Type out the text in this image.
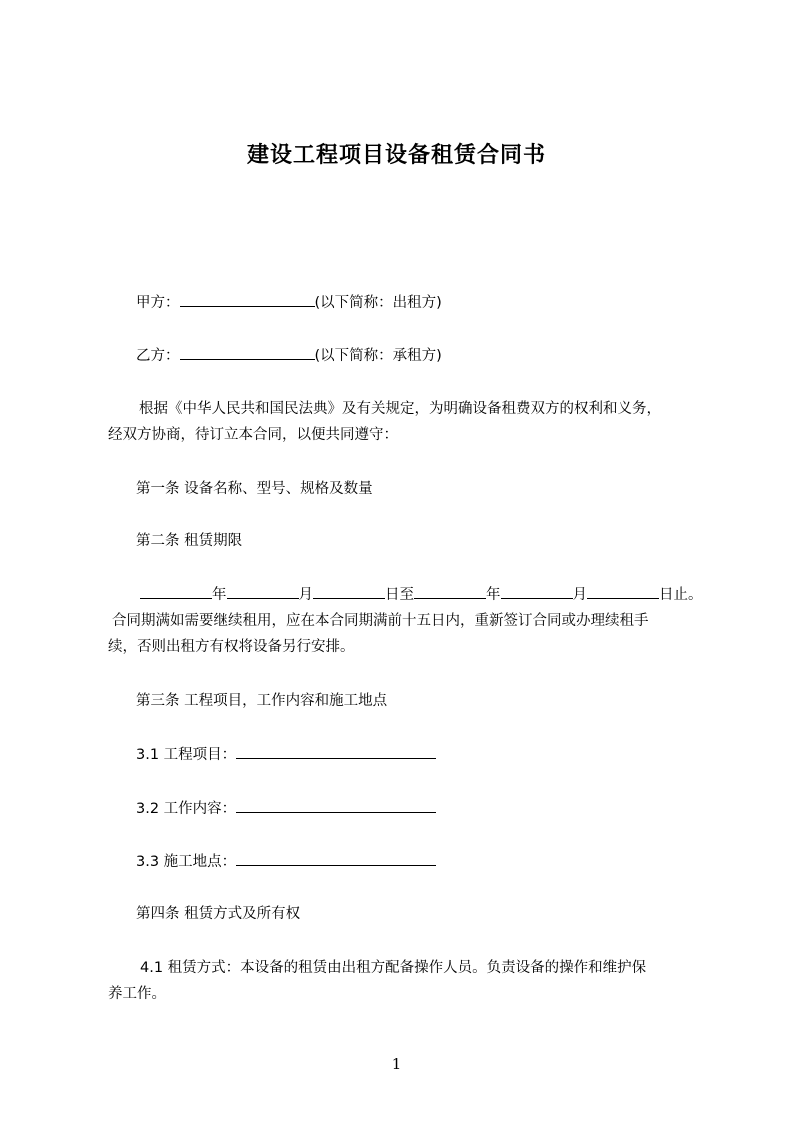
建设工程项目设备租赁合同书
甲方：	(以下简称：出租方)
乙方：	(以下简称：承租方)
根据《中华人民共和国民法典》及有关规定，为明确设备租费双方的权利和义务，
经双方协商，待订立本合同，以便共同遵守：
第一条 设备名称、型号、规格及数量
第二条 租赁期限
年	月	日至	年	月	日止。
合同期满如需要继续租用，应在本合同期满前十五日内，重新签订合同或办理续租手
续，否则出租方有权将设备另行安排。
第三条 工程项目，工作内容和施工地点
3.1 工程项目：
3.2 工作内容：
3.3 施工地点：
第四条 租赁方式及所有权
4.1 租赁方式：本设备的租赁由出租方配备操作人员。负责设备的操作和维护保
养工作。
1
